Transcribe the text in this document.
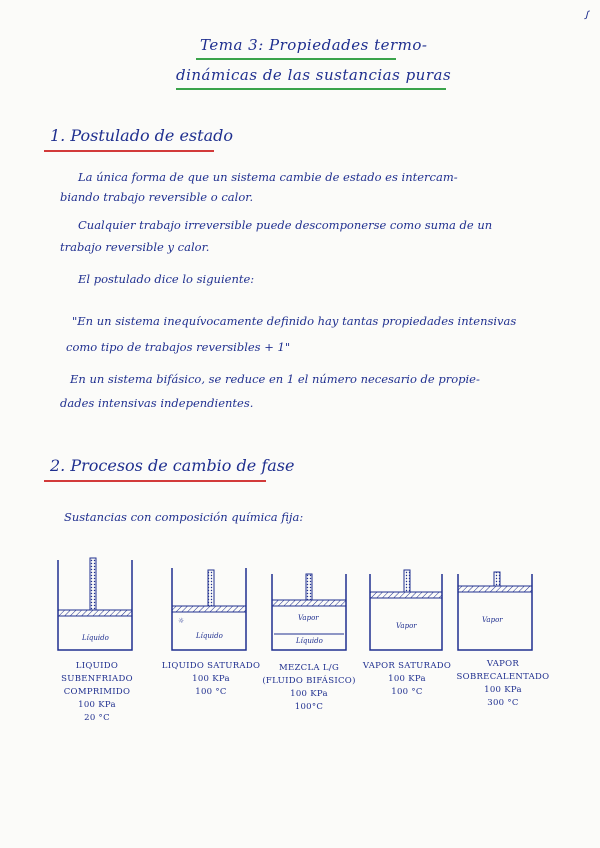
ꭍ
Tema 3: Propiedades termo-
dinámicas de las sustancias puras
1. Postulado de estado
La única forma de que un sistema cambie de estado es intercam-
biando trabajo reversible o calor.
Cualquier trabajo irreversible puede descomponerse como suma de un
trabajo reversible y calor.
El postulado dice lo siguiente:
"En un sistema inequívocamente definido hay tantas propiedades intensivas
como tipo de trabajos reversibles + 1"
En un sistema bifásico, se reduce en 1 el número necesario de propie-
dades intensivas independientes.
2. Procesos de cambio de fase
Sustancias con composición química fija:
☼
Líquido	Líquido
Vapor
Líquido
Vapor
Vapor
LIQUIDO SUBENFRIADO
COMPRIMIDO
100 KPa
20 °C
LIQUIDO SATURADO
100 KPa
100 °C
MEZCLA L/G
(FLUIDO BIFÁSICO)
100 KPa
100°C
VAPOR SATURADO
100 KPa
100 °C
VAPOR
SOBRECALENTADO
100 KPa
300 °C
